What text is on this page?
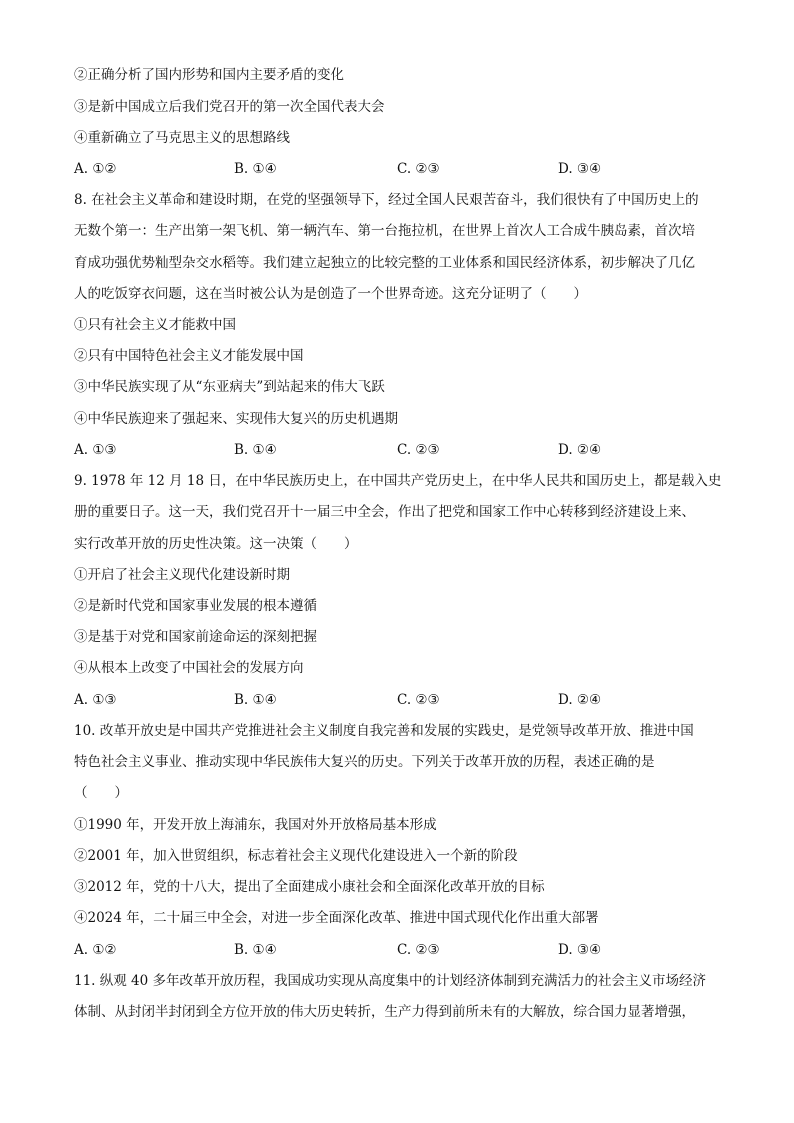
②正确分析了国内形势和国内主要矛盾的变化
③是新中国成立后我们党召开的第一次全国代表大会
④重新确立了马克思主义的思想路线
A. ①②	B. ①④	C. ②③	D. ③④
8. 在社会主义革命和建设时期，在党的坚强领导下，经过全国人民艰苦奋斗，我们很快有了中国历史上的
无数个第一：生产出第一架飞机、第一辆汽车、第一台拖拉机，在世界上首次人工合成牛胰岛素，首次培
育成功强优势籼型杂交水稻等。我们建立起独立的比较完整的工业体系和国民经济体系，初步解决了几亿
人的吃饭穿衣问题，这在当时被公认为是创造了一个世界奇迹。这充分证明了（　　）
①只有社会主义才能救中国
②只有中国特色社会主义才能发展中国
③中华民族实现了从“东亚病夫”到站起来的伟大飞跃
④中华民族迎来了强起来、实现伟大复兴的历史机遇期
A. ①③	B. ①④	C. ②③	D. ②④
9. 1978 年 12 月 18 日，在中华民族历史上，在中国共产党历史上，在中华人民共和国历史上，都是载入史
册的重要日子。这一天，我们党召开十一届三中全会，作出了把党和国家工作中心转移到经济建设上来、
实行改革开放的历史性决策。这一决策（　　）
①开启了社会主义现代化建设新时期
②是新时代党和国家事业发展的根本遵循
③是基于对党和国家前途命运的深刻把握
④从根本上改变了中国社会的发展方向
A. ①③	B. ①④	C. ②③	D. ②④
10. 改革开放史是中国共产党推进社会主义制度自我完善和发展的实践史，是党领导改革开放、推进中国
特色社会主义事业、推动实现中华民族伟大复兴的历史。下列关于改革开放的历程，表述正确的是
（　　）
①1990 年，开发开放上海浦东，我国对外开放格局基本形成
②2001 年，加入世贸组织，标志着社会主义现代化建设进入一个新的阶段
③2012 年，党的十八大，提出了全面建成小康社会和全面深化改革开放的目标
④2024 年，二十届三中全会，对进一步全面深化改革、推进中国式现代化作出重大部署
A. ①②	B. ①④	C. ②③	D. ③④
11. 纵观 40 多年改革开放历程，我国成功实现从高度集中的计划经济体制到充满活力的社会主义市场经济
体制、从封闭半封闭到全方位开放的伟大历史转折，生产力得到前所未有的大解放，综合国力显著增强，
